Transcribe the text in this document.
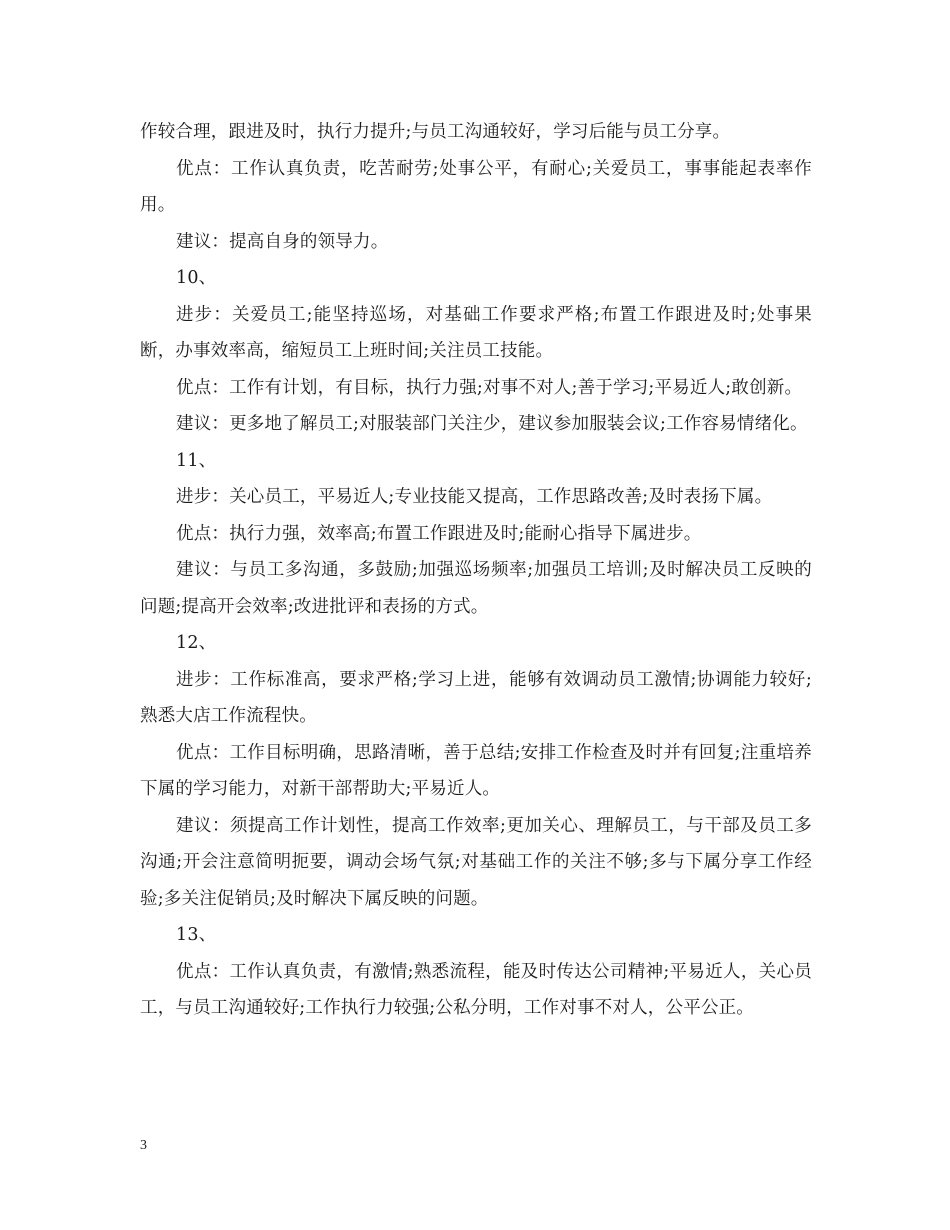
作较合理，跟进及时，执行力提升;与员工沟通较好，学习后能与员工分享。

优点：工作认真负责，吃苦耐劳;处事公平，有耐心;关爱员工，事事能起表率作用。

建议：提高自身的领导力。

10、

进步：关爱员工;能坚持巡场，对基础工作要求严格;布置工作跟进及时;处事果断，办事效率高，缩短员工上班时间;关注员工技能。

优点：工作有计划，有目标，执行力强;对事不对人;善于学习;平易近人;敢创新。

建议：更多地了解员工;对服装部门关注少，建议参加服装会议;工作容易情绪化。

11、

进步：关心员工，平易近人;专业技能又提高，工作思路改善;及时表扬下属。

优点：执行力强，效率高;布置工作跟进及时;能耐心指导下属进步。

建议：与员工多沟通，多鼓励;加强巡场频率;加强员工培训;及时解决员工反映的问题;提高开会效率;改进批评和表扬的方式。

12、

进步：工作标准高，要求严格;学习上进，能够有效调动员工激情;协调能力较好;熟悉大店工作流程快。

优点：工作目标明确，思路清晰，善于总结;安排工作检查及时并有回复;注重培养下属的学习能力，对新干部帮助大;平易近人。

建议：须提高工作计划性，提高工作效率;更加关心、理解员工，与干部及员工多沟通;开会注意简明扼要，调动会场气氛;对基础工作的关注不够;多与下属分享工作经验;多关注促销员;及时解决下属反映的问题。

13、

优点：工作认真负责，有激情;熟悉流程，能及时传达公司精神;平易近人，关心员工，与员工沟通较好;工作执行力较强;公私分明，工作对事不对人，公平公正。

3
